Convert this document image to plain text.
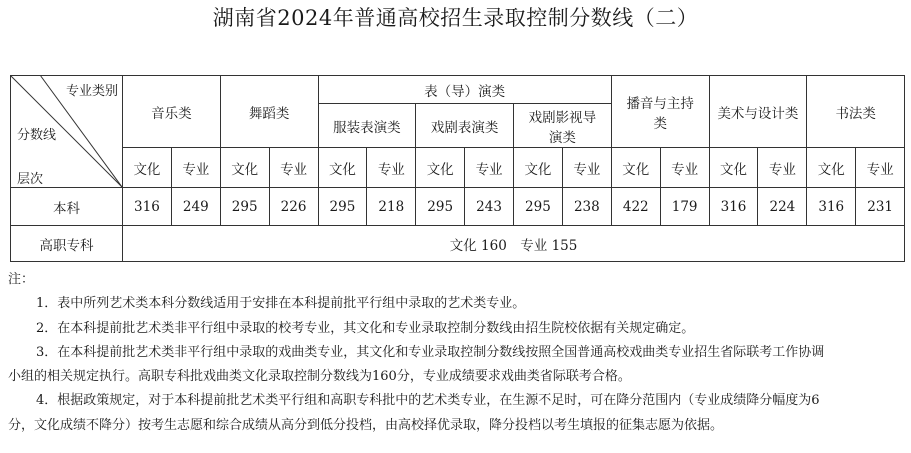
湖南省2024年普通高校招生录取控制分数线（二）
专业类别
分数线
层次	音乐类		舞蹈类		表（导）演类						播音与主持类		美术与设计类		书法类	
					服装表演类		戏剧表演类		戏剧影视导演类							
	文化	专业	文化	专业	文化	专业	文化	专业	文化	专业	文化	专业	文化	专业	文化	专业
本科	316	249	295	226	295	218	295	243	295	238	422	179	316	224	316	231
高职专科	文化 160　专业 155															

注：

1．表中所列艺术类本科分数线适用于安排在本科提前批平行组中录取的艺术类专业。

2．在本科提前批艺术类非平行组中录取的校考专业，其文化和专业录取控制分数线由招生院校依据有关规定确定。

3．在本科提前批艺术类非平行组中录取的戏曲类专业，其文化和专业录取控制分数线按照全国普通高校戏曲类专业招生省际联考工作协调

小组的相关规定执行。高职专科批戏曲类文化录取控制分数线为160分，专业成绩要求戏曲类省际联考合格。

4．根据政策规定，对于本科提前批艺术类平行组和高职专科批中的艺术类专业，在生源不足时，可在降分范围内（专业成绩降分幅度为6

分，文化成绩不降分）按考生志愿和综合成绩从高分到低分投档，由高校择优录取，降分投档以考生填报的征集志愿为依据。
